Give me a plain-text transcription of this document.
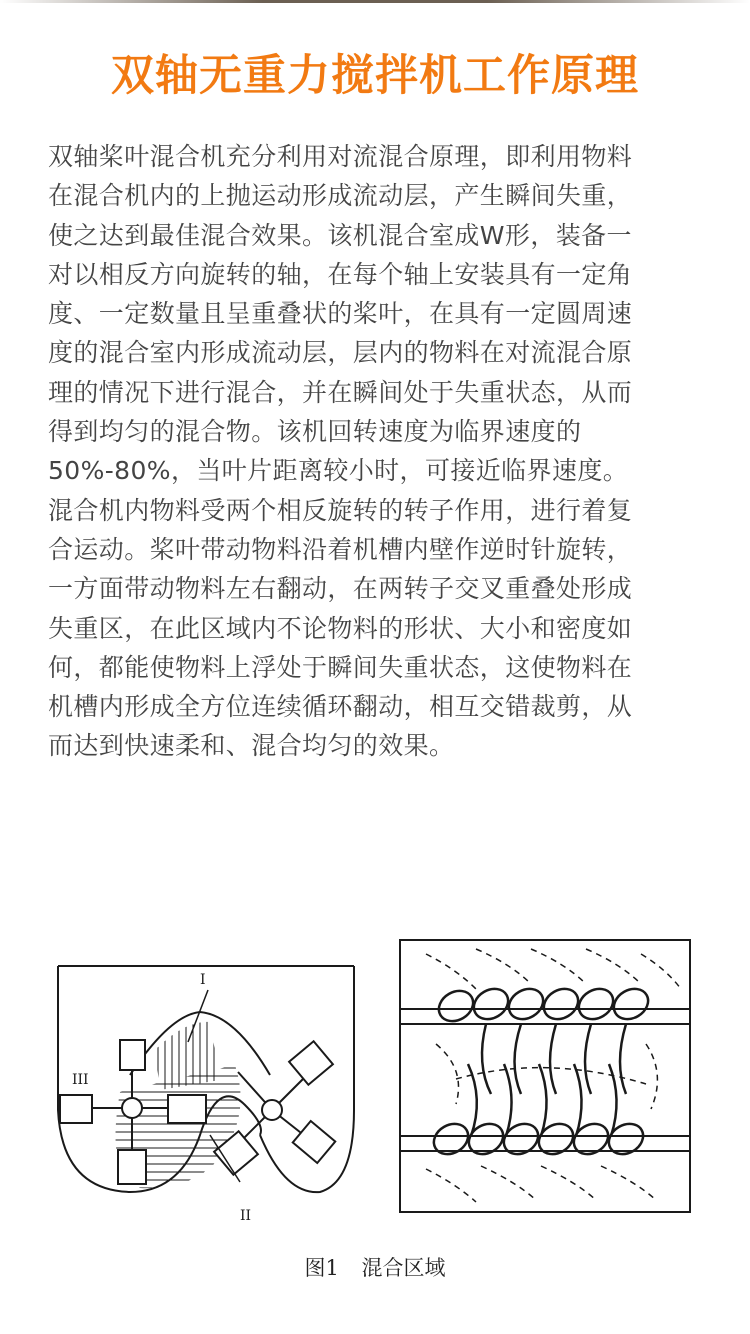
双轴无重力搅拌机工作原理

双轴桨叶混合机充分利用对流混合原理，即利用物料
在混合机内的上抛运动形成流动层，产生瞬间失重，
使之达到最佳混合效果。该机混合室成W形，装备一
对以相反方向旋转的轴，在每个轴上安装具有一定角
度、一定数量且呈重叠状的桨叶，在具有一定圆周速
度的混合室内形成流动层，层内的物料在对流混合原
理的情况下进行混合，并在瞬间处于失重状态，从而
得到均匀的混合物。该机回转速度为临界速度的
50%-80%，当叶片距离较小时，可接近临界速度。

混合机内物料受两个相反旋转的转子作用，进行着复
合运动。桨叶带动物料沿着机槽内壁作逆时针旋转，
一方面带动物料左右翻动，在两转子交叉重叠处形成
失重区，在此区域内不论物料的形状、大小和密度如
何，都能使物料上浮处于瞬间失重状态，这使物料在
机槽内形成全方位连续循环翻动，相互交错裁剪，从
而达到快速柔和、混合均匀的效果。

I
II
III
图1 混合区域
